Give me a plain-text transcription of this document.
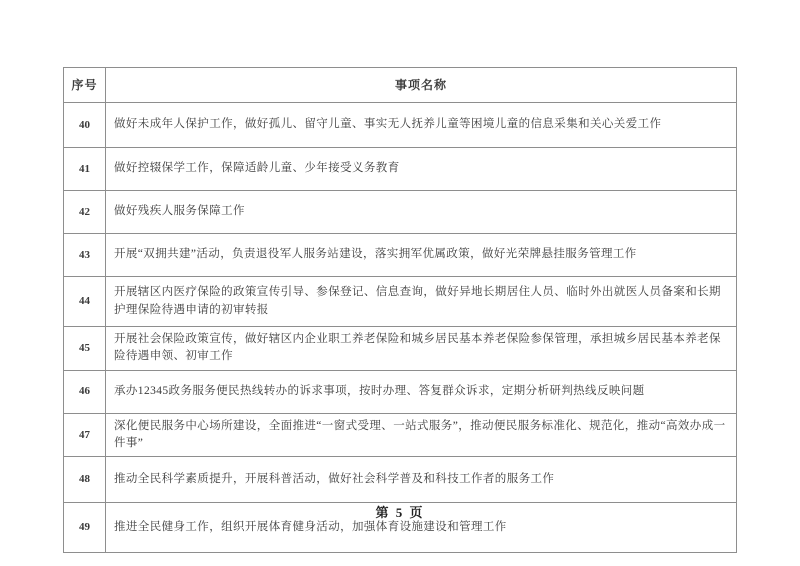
序号	事项名称
40	做好未成年人保护工作，做好孤儿、留守儿童、事实无人抚养儿童等困境儿童的信息采集和关心关爱工作
41	做好控辍保学工作，保障适龄儿童、少年接受义务教育
42	做好残疾人服务保障工作
43	开展“双拥共建”活动，负责退役军人服务站建设，落实拥军优属政策，做好光荣牌悬挂服务管理工作
44	开展辖区内医疗保险的政策宣传引导、参保登记、信息查询，做好异地长期居住人员、临时外出就医人员备案和长期护理保险待遇申请的初审转报
45	开展社会保险政策宣传，做好辖区内企业职工养老保险和城乡居民基本养老保险参保管理，承担城乡居民基本养老保险待遇申领、初审工作
46	承办12345政务服务便民热线转办的诉求事项，按时办理、答复群众诉求，定期分析研判热线反映问题
47	深化便民服务中心场所建设，全面推进“一窗式受理、一站式服务”，推动便民服务标准化、规范化，推动“高效办成一件事”
48	推动全民科学素质提升，开展科普活动，做好社会科学普及和科技工作者的服务工作
49	推进全民健身工作，组织开展体育健身活动，加强体育设施建设和管理工作
第 5 页
